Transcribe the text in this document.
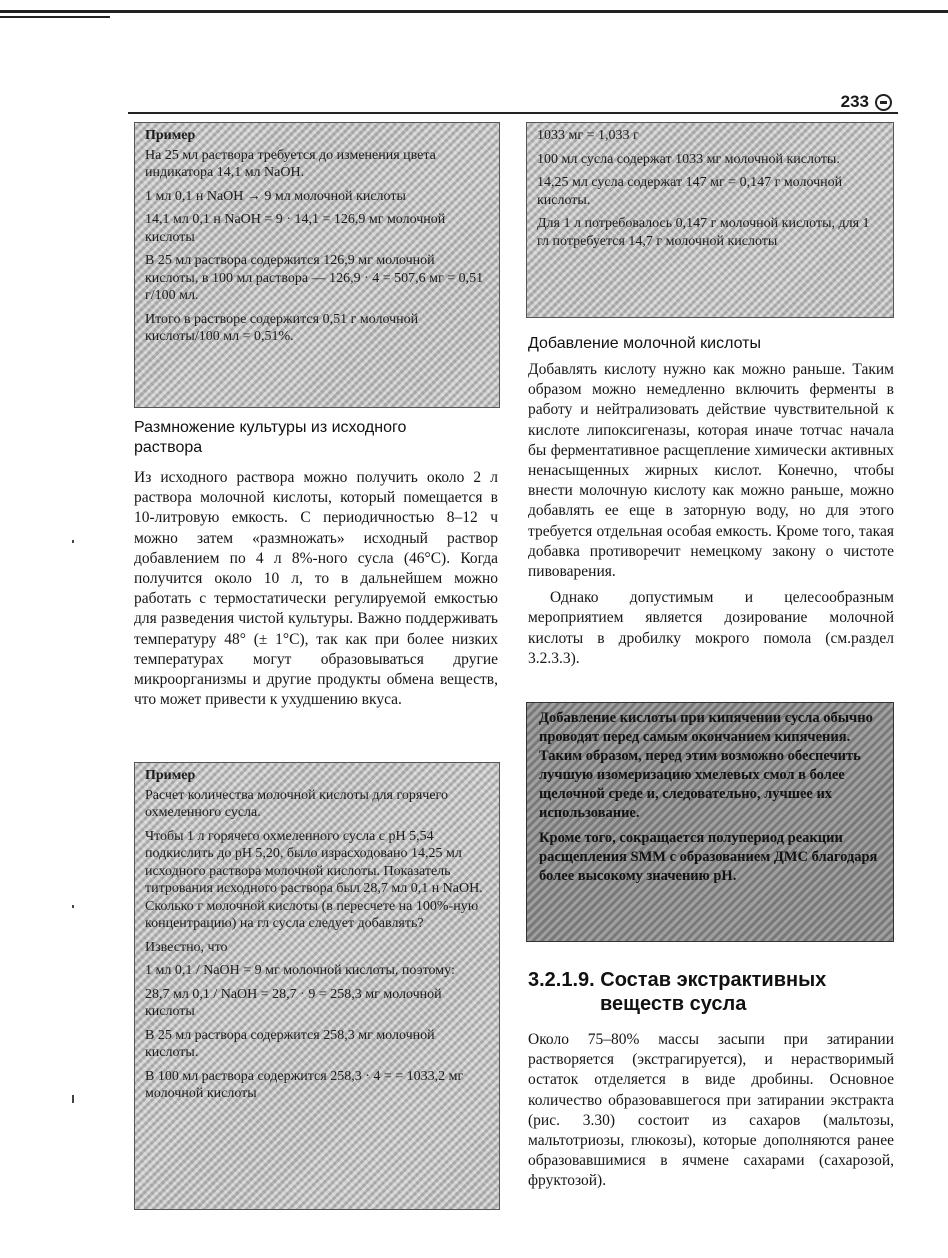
233

Пример

На 25 мл раствора требуется до изменения цвета индикатора 14,1 мл NaOH.

1 мл 0,1 н NaOH → 9 мл молочной кислоты

14,1 мл 0,1 н NaOH = 9 · 14,1 = 126,9 мг молочной кислоты

В 25 мл раствора содержится 126,9 мг молочной кислоты, в 100 мл раствора — 126,9 · 4 = 507,6 мг = 0,51 г/100 мл.

Итого в растворе содержится 0,51 г молочной кислоты/100 мл = 0,51%.

Размножение культуры из исходного раствора

Из исходного раствора можно получить около 2 л раствора молочной кислоты, который помещается в 10-литровую емкость. С периодичностью 8–12 ч можно затем «размножать» исходный раствор добавлением по 4 л 8%-ного сусла (46°С). Когда получится около 10 л, то в дальнейшем можно работать с термостатически регулируемой емкостью для разведения чистой культуры. Важно поддерживать температуру 48° (± 1°С), так как при более низких температурах могут образовываться другие микроорганизмы и другие продукты обмена веществ, что может привести к ухудшению вкуса.

Пример

Расчет количества молочной кислоты для горячего охмеленного сусла.

Чтобы 1 л горячего охмеленного сусла с рН 5,54 подкислить до рН 5,20, было израсходовано 14,25 мл исходного раствора молочной кислоты. Показатель титрования исходного раствора был 28,7 мл 0,1 н NaOH. Сколько г молочной кислоты (в пересчете на 100%-ную концентрацию) на гл сусла следует добавлять?

Известно, что

1 мл 0,1 / NaOH = 9 мг молочной кислоты, поэтому:

28,7 мл 0,1 / NaOH = 28,7 · 9 = 258,3 мг молочной кислоты

В 25 мл раствора содержится 258,3 мг молочной кислоты.

В 100 мл раствора содержится 258,3 · 4 = = 1033,2 мг молочной кислоты

1033 мг = 1,033 г

100 мл сусла содержат 1033 мг молочной кислоты.

14,25 мл сусла содержат 147 мг = 0,147 г молочной кислоты.

Для 1 л потребовалось 0,147 г молочной кислоты, для 1 гл потребуется 14,7 г молочной кислоты

Добавление молочной кислоты

Добавлять кислоту нужно как можно раньше. Таким образом можно немедленно включить ферменты в работу и нейтрализовать действие чувствительной к кислоте липоксигеназы, которая иначе тотчас начала бы ферментативное расщепление химически активных ненасыщенных жирных кислот. Конечно, чтобы внести молочную кислоту как можно раньше, можно добавлять ее еще в заторную воду, но для этого требуется отдельная особая емкость. Кроме того, такая добавка противоречит немецкому закону о чистоте пивоварения.

Однако допустимым и целесообразным мероприятием является дозирование молочной кислоты в дробилку мокрого помола (см.раздел 3.2.3.3).

Добавление кислоты при кипячении сусла обычно проводят перед самым окончанием кипячения. Таким образом, перед этим возможно обеспечить лучшую изомеризацию хмелевых смол в более щелочной среде и, следовательно, лучшее их использование.

Кроме того, сокращается полупериод реакции расщепления SMM с образованием ДМС благодаря более высокому значению рН.

3.2.1.9. Состав экстрактивных
веществ сусла

Около 75–80% массы засыпи при затирании растворяется (экстрагируется), и нерастворимый остаток отделяется в виде дробины. Основное количество образовавшегося при затирании экстракта (рис. 3.30) состоит из сахаров (мальтозы, мальтотриозы, глюкозы), которые дополняются ранее образовавшимися в ячмене сахарами (сахарозой, фруктозой).
